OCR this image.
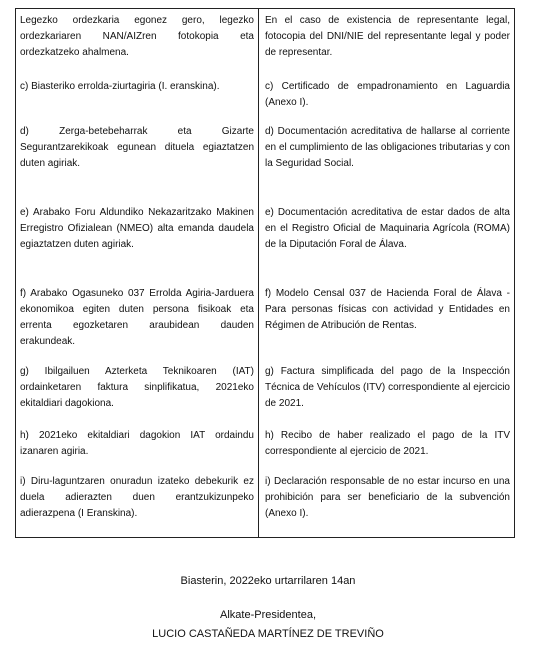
Legezko ordezkaria egonez gero, legezko ordezkariaren NAN/AIZren fotokopia eta ordezkatzeko ahalmena.

En el caso de existencia de representante legal, fotocopia del DNI/NIE del representante legal y poder de representar.

c) Biasteriko errolda-ziurtagiria (I. eranskina).	c) Certificado de empadronamiento en Laguardia (Anexo I).

d) Zerga-betebeharrak eta Gizarte Segurantzarekikoak egunean dituela egiaztatzen duten agiriak.

d) Documentación acreditativa de hallarse al corriente en el cumplimiento de las obligaciones tributarias y con la Seguridad Social.

e) Arabako Foru Aldundiko Nekazaritzako Makinen Erregistro Ofizialean (NMEO) alta emanda daudela egiaztatzen duten agiriak.

e) Documentación acreditativa de estar dados de alta en el Registro Oficial de Maquinaria Agrícola (ROMA) de la Diputación Foral de Álava.

f) Arabako Ogasuneko 037 Errolda Agiria-Jarduera ekonomikoa egiten duten persona fisikoak eta errenta egozketaren araubidean dauden erakundeak.

f) Modelo Censal 037 de Hacienda Foral de Álava - Para personas físicas con actividad y Entidades en Régimen de Atribución de Rentas.

g) Ibilgailuen Azterketa Teknikoaren (IAT) ordainketaren faktura sinplifikatua, 2021eko ekitaldiari dagokiona.

g) Factura simplificada del pago de la Inspección Técnica de Vehículos (ITV) correspondiente al ejercicio de 2021.

h) 2021eko ekitaldiari dagokion IAT ordaindu izanaren agiria.

h) Recibo de haber realizado el pago de la ITV correspondiente al ejercicio de 2021.

i) Diru-laguntzaren onuradun izateko debekurik ez duela adierazten duen erantzukizunpeko adierazpena (I Eranskina).

i) Declaración responsable de no estar incurso en una prohibición para ser beneficiario de la subvención (Anexo I).

Biasterin, 2022eko urtarrilaren 14an
Alkate-Presidentea,
LUCIO CASTAÑEDA MARTÍNEZ DE TREVIÑO
